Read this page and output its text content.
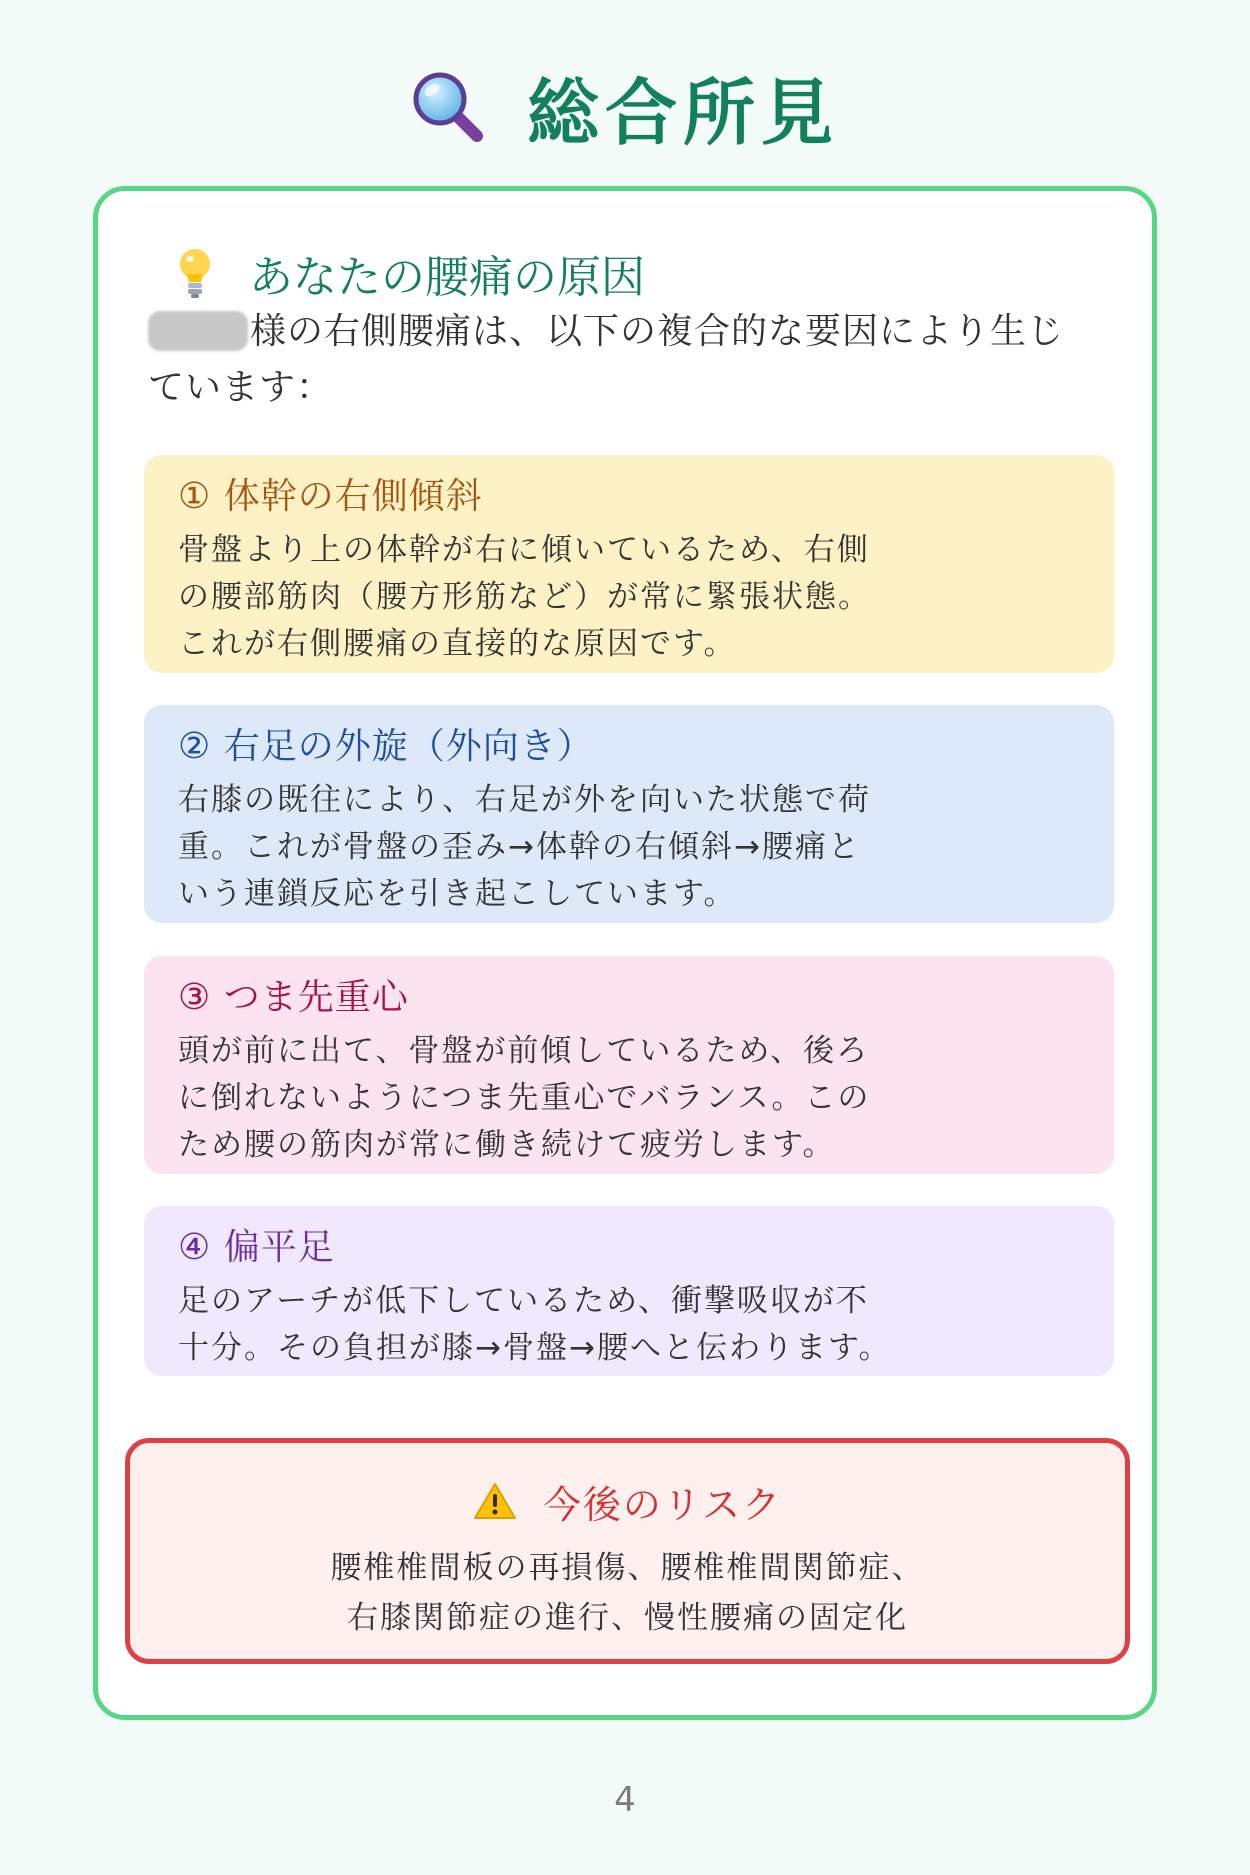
総合所見
あなたの腰痛の原因
様の右側腰痛は、以下の複合的な要因により生じています：
① 体幹の右側傾斜
骨盤より上の体幹が右に傾いているため、右側
の腰部筋肉（腰方形筋など）が常に緊張状態。
これが右側腰痛の直接的な原因です。
② 右足の外旋（外向き）
右膝の既往により、右足が外を向いた状態で荷
重。これが骨盤の歪み→体幹の右傾斜→腰痛と
いう連鎖反応を引き起こしています。
③ つま先重心
頭が前に出て、骨盤が前傾しているため、後ろ
に倒れないようにつま先重心でバランス。この
ため腰の筋肉が常に働き続けて疲労します。
④ 偏平足
足のアーチが低下しているため、衝撃吸収が不
十分。その負担が膝→骨盤→腰へと伝わります。
今後のリスク
腰椎椎間板の再損傷、腰椎椎間関節症、
右膝関節症の進行、慢性腰痛の固定化
4
